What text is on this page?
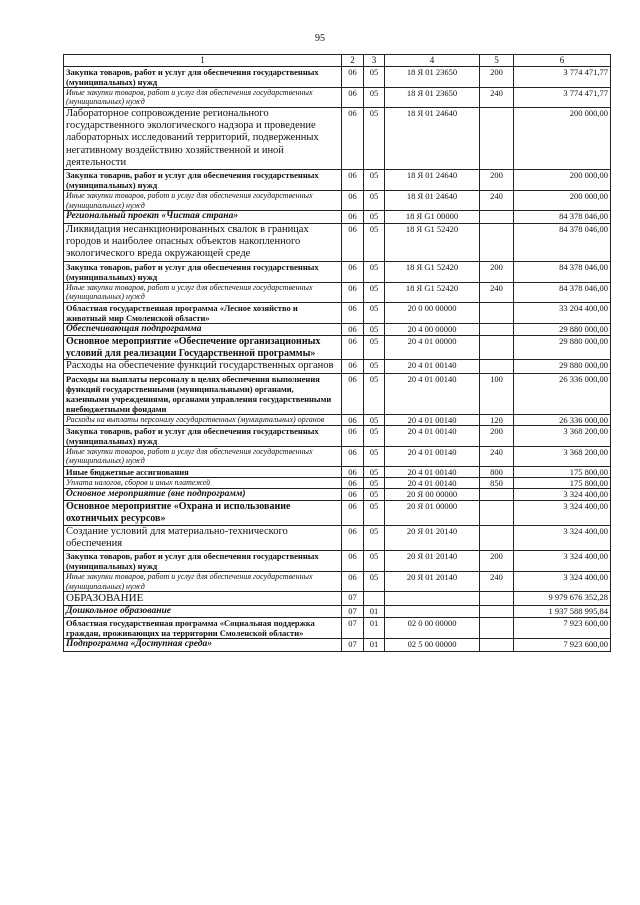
95
1	2	3	4	5	6
Закупка товаров, работ и услуг для обеспечения государственных (муниципальных) нужд	06	05	18 Я 01 23650	200	3 774 471,77
Иные закупки товаров, работ и услуг для обеспечения государственных (муниципальных) нужд	06	05	18 Я 01 23650	240	3 774 471,77
Лабораторное сопровождение регионального государственного экологического надзора и проведение лабораторных исследований территорий, подверженных негативному воздействию хозяйственной и иной деятельности	06	05	18 Я 01 24640		200 000,00
Закупка товаров, работ и услуг для обеспечения государственных (муниципальных) нужд	06	05	18 Я 01 24640	200	200 000,00
Иные закупки товаров, работ и услуг для обеспечения государственных (муниципальных) нужд	06	05	18 Я 01 24640	240	200 000,00
Региональный проект «Чистая страна»	06	05	18 Я G1 00000		84 378 046,00
Ликвидация несанкционированных свалок в границах городов и наиболее опасных объектов накопленного экологического вреда окружающей среде	06	05	18 Я G1 52420		84 378 046,00
Закупка товаров, работ и услуг для обеспечения государственных (муниципальных) нужд	06	05	18 Я G1 52420	200	84 378 046,00
Иные закупки товаров, работ и услуг для обеспечения государственных (муниципальных) нужд	06	05	18 Я G1 52420	240	84 378 046,00
Областная государственная программа «Лесное хозяйство и животный мир Смоленской области»	06	05	20 0 00 00000		33 204 400,00
Обеспечивающая подпрограмма	06	05	20 4 00 00000		29 880 000,00
Основное мероприятие «Обеспечение организационных условий для реализации Государственной программы»	06	05	20 4 01 00000		29 880 000,00
Расходы на обеспечение функций государственных органов	06	05	20 4 01 00140		29 880 000,00
Расходы на выплаты персоналу в целях обеспечения выполнения функций государственными (муниципальными) органами, казенными учреждениями, органами управления государственными внебюджетными фондами	06	05	20 4 01 00140	100	26 336 000,00
Расходы на выплаты персоналу государственных (муниципальных) органов	06	05	20 4 01 00140	120	26 336 000,00
Закупка товаров, работ и услуг для обеспечения государственных (муниципальных) нужд	06	05	20 4 01 00140	200	3 368 200,00
Иные закупки товаров, работ и услуг для обеспечения государственных (муниципальных) нужд	06	05	20 4 01 00140	240	3 368 200,00
Иные бюджетные ассигнования	06	05	20 4 01 00140	800	175 800,00
Уплата налогов, сборов и иных платежей	06	05	20 4 01 00140	850	175 800,00
Основное мероприятие (вне подпрограмм)	06	05	20 Я 00 00000		3 324 400,00
Основное мероприятие «Охрана и использование охотничьих ресурсов»	06	05	20 Я 01 00000		3 324 400,00
Создание условий для материально-технического обеспечения	06	05	20 Я 01 20140		3 324 400,00
Закупка товаров, работ и услуг для обеспечения государственных (муниципальных) нужд	06	05	20 Я 01 20140	200	3 324 400,00
Иные закупки товаров, работ и услуг для обеспечения государственных (муниципальных) нужд	06	05	20 Я 01 20140	240	3 324 400,00
ОБРАЗОВАНИЕ	07				9 979 676 352,28
Дошкольное образование	07	01			1 937 588 995,84
Областная государственная программа «Социальная поддержка граждан, проживающих на территории Смоленской области»	07	01	02 0 00 00000		7 923 600,00
Подпрограмма «Доступная среда»	07	01	02 5 00 00000		7 923 600,00
